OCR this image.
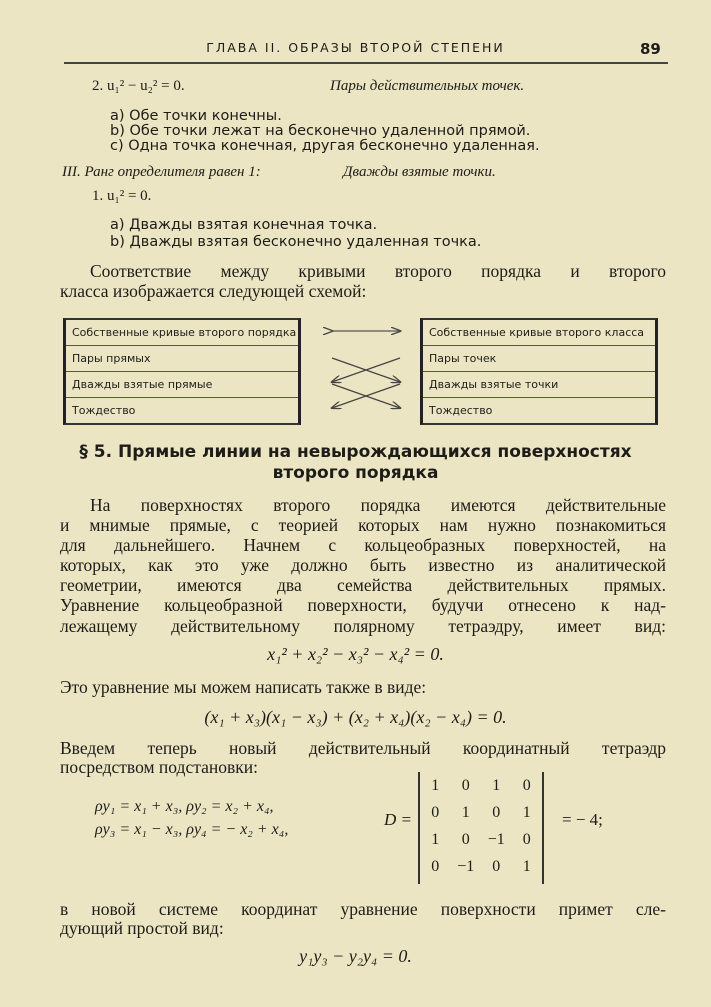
ГЛАВА II. ОБРАЗЫ ВТОРОЙ СТЕПЕНИ	89
2. u₁² − u₂² = 0.	Пары действительных точек.
a) Обе точки конечны.
b) Обе точки лежат на бесконечно удаленной прямой.
c) Одна точка конечная, другая бесконечно удаленная.
III. Ранг определителя равен 1:	Дважды взятые точки.
1. u₁² = 0.
a) Дважды взятая конечная точка.
b) Дважды взятая бесконечно удаленная точка.
Соответствие между кривыми второго порядка и второго
класса изображается следующей схемой:
Собственные кривые второго порядка
Пары прямых
Дважды взятые прямые
Тождество
Собственные кривые второго класса
Пары точек
Дважды взятые точки
Тождество
§ 5. Прямые линии на невырождающихся поверхностях
второго порядка
На поверхностях второго порядка имеются действительные
и мнимые прямые, с теорией которых нам нужно познакомиться
для дальнейшего. Начнем с кольцеобразных поверхностей, на
которых, как это уже должно быть известно из аналитической
геометрии, имеются два семейства действительных прямых.
Уравнение кольцеобразной поверхности, будучи отнесено к над-
лежащему действительному полярному тетраэдру, имеет вид:
x₁² + x₂² − x₃² − x₄² = 0.
Это уравнение мы можем написать также в виде:
(x₁ + x₃)(x₁ − x₃) + (x₂ + x₄)(x₂ − x₄) = 0.
Введем теперь новый действительный координатный тетраэдр
посредством подстановки:
ρy₁ = x₁ + x₃, ρy₂ = x₂ + x₄,
ρy₃ = x₁ − x₃, ρy₄ = − x₂ + x₄,
D =
1	0	1	0
0	1	0	1
1	0	−1	0
0	−1	0	1
= − 4;
в новой системе координат уравнение поверхности примет сле-
дующий простой вид:
y₁y₃ − y₂y₄ = 0.
